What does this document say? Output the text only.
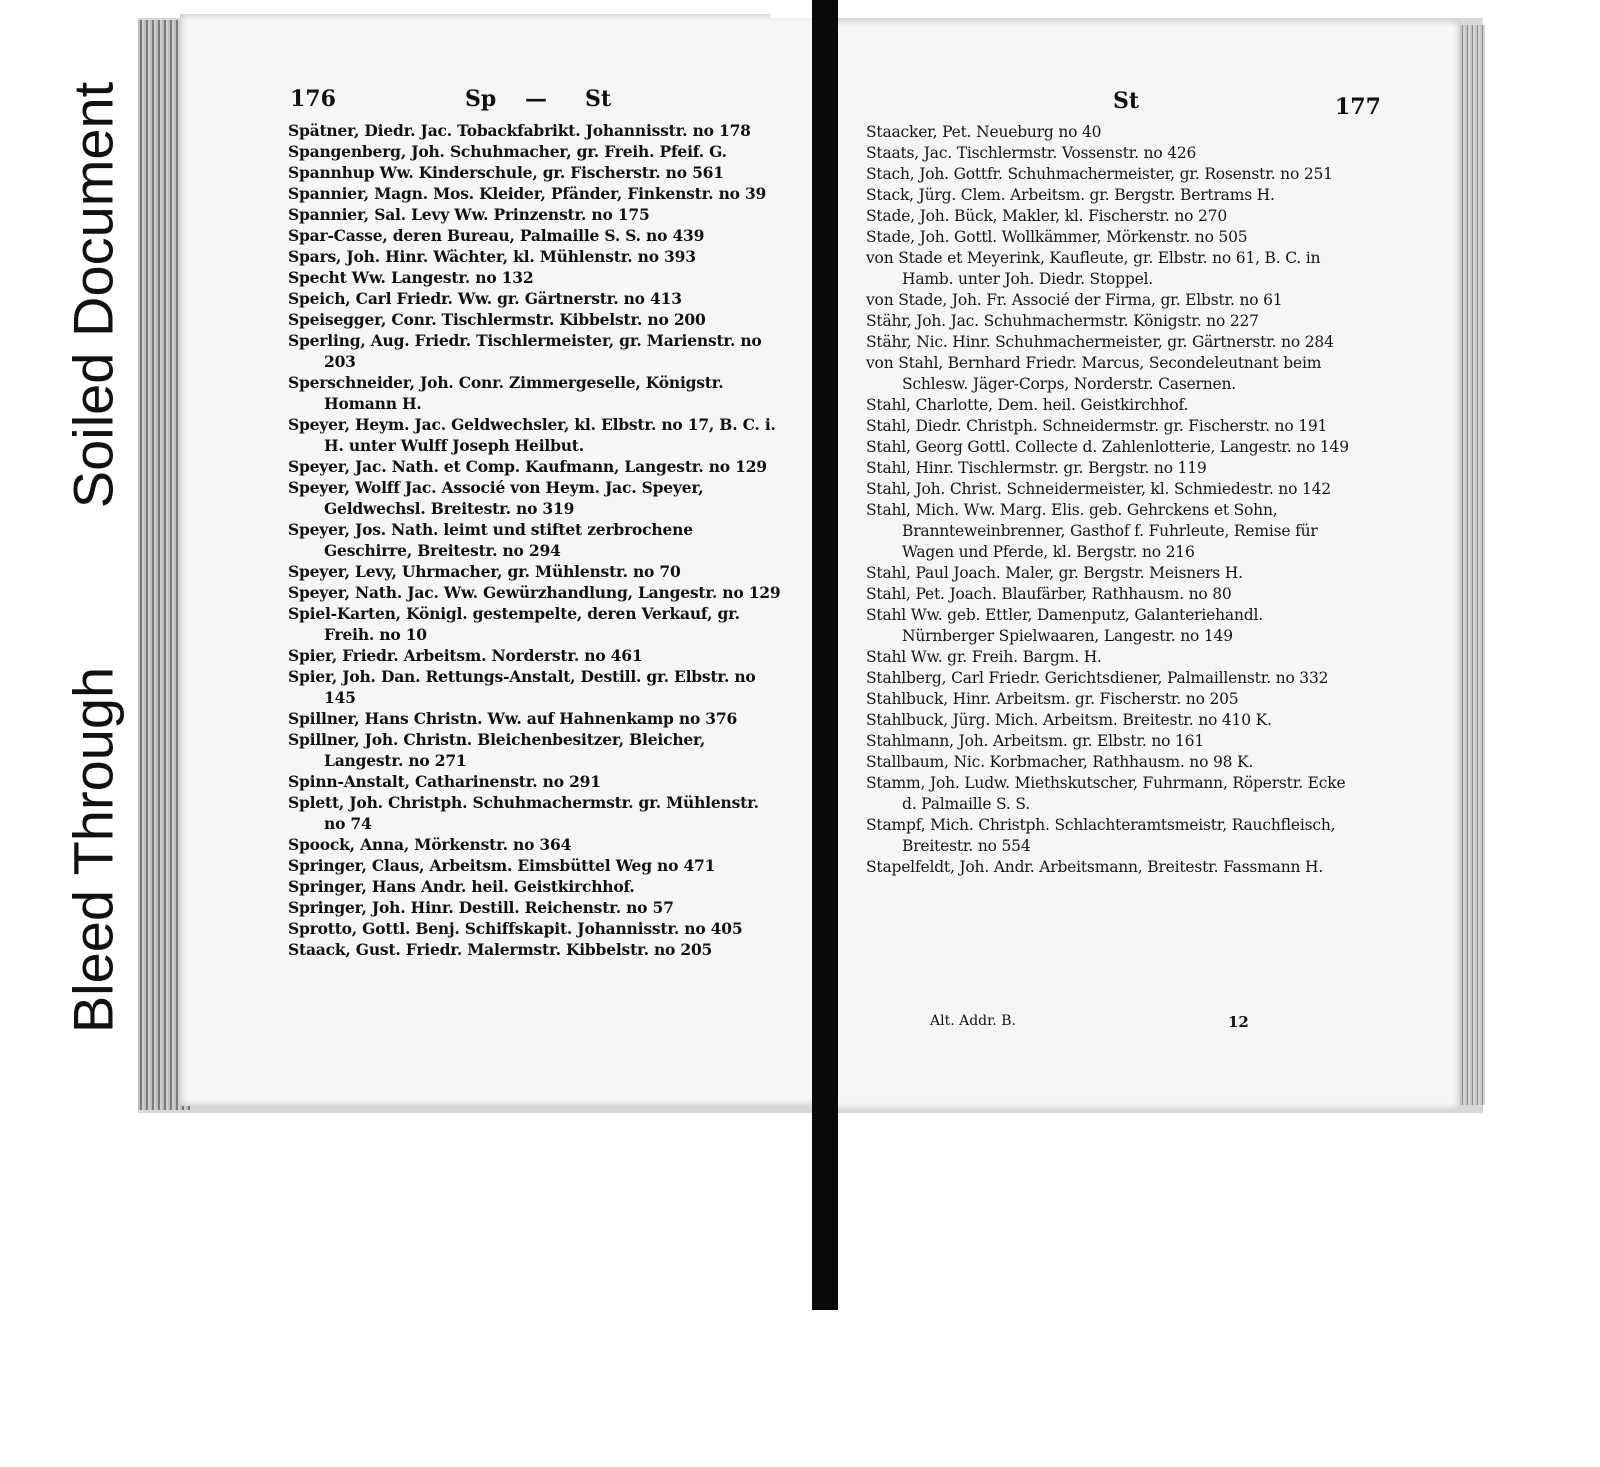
Soiled Document
Bleed Through
176	Sp — St
Spätner, Diedr. Jac. Tobackfabrikt. Johannisstr. no 178
Spangenberg, Joh. Schuhmacher, gr. Freih. Pfeif. G.
Spannhup Ww. Kinderschule, gr. Fischerstr. no 561
Spannier, Magn. Mos. Kleider, Pfänder, Finkenstr. no 39
Spannier, Sal. Levy Ww. Prinzenstr. no 175
Spar-Casse, deren Bureau, Palmaille S. S. no 439
Spars, Joh. Hinr. Wächter, kl. Mühlenstr. no 393
Specht Ww. Langestr. no 132
Speich, Carl Friedr. Ww. gr. Gärtnerstr. no 413
Speisegger, Conr. Tischlermstr. Kibbelstr. no 200
Sperling, Aug. Friedr. Tischlermeister, gr. Marienstr. no 203
Sperschneider, Joh. Conr. Zimmergeselle, Königstr. Homann H.
Speyer, Heym. Jac. Geldwechsler, kl. Elbstr. no 17, B. C. i. H. unter Wulff Joseph Heilbut.
Speyer, Jac. Nath. et Comp. Kaufmann, Langestr. no 129
Speyer, Wolff Jac. Associé von Heym. Jac. Speyer, Geldwechsl. Breitestr. no 319
Speyer, Jos. Nath. leimt und stiftet zerbrochene Geschirre, Breitestr. no 294
Speyer, Levy, Uhrmacher, gr. Mühlenstr. no 70
Speyer, Nath. Jac. Ww. Gewürzhandlung, Langestr. no 129
Spiel-Karten, Königl. gestempelte, deren Verkauf, gr. Freih. no 10
Spier, Friedr. Arbeitsm. Norderstr. no 461
Spier, Joh. Dan. Rettungs-Anstalt, Destill. gr. Elbstr. no 145
Spillner, Hans Christn. Ww. auf Hahnenkamp no 376
Spillner, Joh. Christn. Bleichenbesitzer, Bleicher, Langestr. no 271
Spinn-Anstalt, Catharinenstr. no 291
Splett, Joh. Christph. Schuhmachermstr. gr. Mühlenstr. no 74
Spoock, Anna, Mörkenstr. no 364
Springer, Claus, Arbeitsm. Eimsbüttel Weg no 471
Springer, Hans Andr. heil. Geistkirchhof.
Springer, Joh. Hinr. Destill. Reichenstr. no 57
Sprotto, Gottl. Benj. Schiffskapit. Johannisstr. no 405
Staack, Gust. Friedr. Malermstr. Kibbelstr. no 205
St	177
Staacker, Pet. Neueburg no 40
Staats, Jac. Tischlermstr. Vossenstr. no 426
Stach, Joh. Gottfr. Schuhmachermeister, gr. Rosenstr. no 251
Stack, Jürg. Clem. Arbeitsm. gr. Bergstr. Bertrams H.
Stade, Joh. Bück, Makler, kl. Fischerstr. no 270
Stade, Joh. Gottl. Wollkämmer, Mörkenstr. no 505
von Stade et Meyerink, Kaufleute, gr. Elbstr. no 61, B. C. in Hamb. unter Joh. Diedr. Stoppel.
von Stade, Joh. Fr. Associé der Firma, gr. Elbstr. no 61
Stähr, Joh. Jac. Schuhmachermstr. Königstr. no 227
Stähr, Nic. Hinr. Schuhmachermeister, gr. Gärtnerstr. no 284
von Stahl, Bernhard Friedr. Marcus, Secondeleutnant beim Schlesw. Jäger-Corps, Norderstr. Casernen.
Stahl, Charlotte, Dem. heil. Geistkirchhof.
Stahl, Diedr. Christph. Schneidermstr. gr. Fischerstr. no 191
Stahl, Georg Gottl. Collecte d. Zahlenlotterie, Langestr. no 149
Stahl, Hinr. Tischlermstr. gr. Bergstr. no 119
Stahl, Joh. Christ. Schneidermeister, kl. Schmiedestr. no 142
Stahl, Mich. Ww. Marg. Elis. geb. Gehrckens et Sohn, Brannteweinbrenner, Gasthof f. Fuhrleute, Remise für Wagen und Pferde, kl. Bergstr. no 216
Stahl, Paul Joach. Maler, gr. Bergstr. Meisners H.
Stahl, Pet. Joach. Blaufärber, Rathhausm. no 80
Stahl Ww. geb. Ettler, Damenputz, Galanteriehandl. Nürnberger Spielwaaren, Langestr. no 149
Stahl Ww. gr. Freih. Bargm. H.
Stahlberg, Carl Friedr. Gerichtsdiener, Palmaillenstr. no 332
Stahlbuck, Hinr. Arbeitsm. gr. Fischerstr. no 205
Stahlbuck, Jürg. Mich. Arbeitsm. Breitestr. no 410 K.
Stahlmann, Joh. Arbeitsm. gr. Elbstr. no 161
Stallbaum, Nic. Korbmacher, Rathhausm. no 98 K.
Stamm, Joh. Ludw. Miethskutscher, Fuhrmann, Röperstr. Ecke d. Palmaille S. S.
Stampf, Mich. Christph. Schlachteramtsmeistr, Rauchfleisch, Breitestr. no 554
Stapelfeldt, Joh. Andr. Arbeitsmann, Breitestr. Fassmann H.
Alt. Addr. B.	12
